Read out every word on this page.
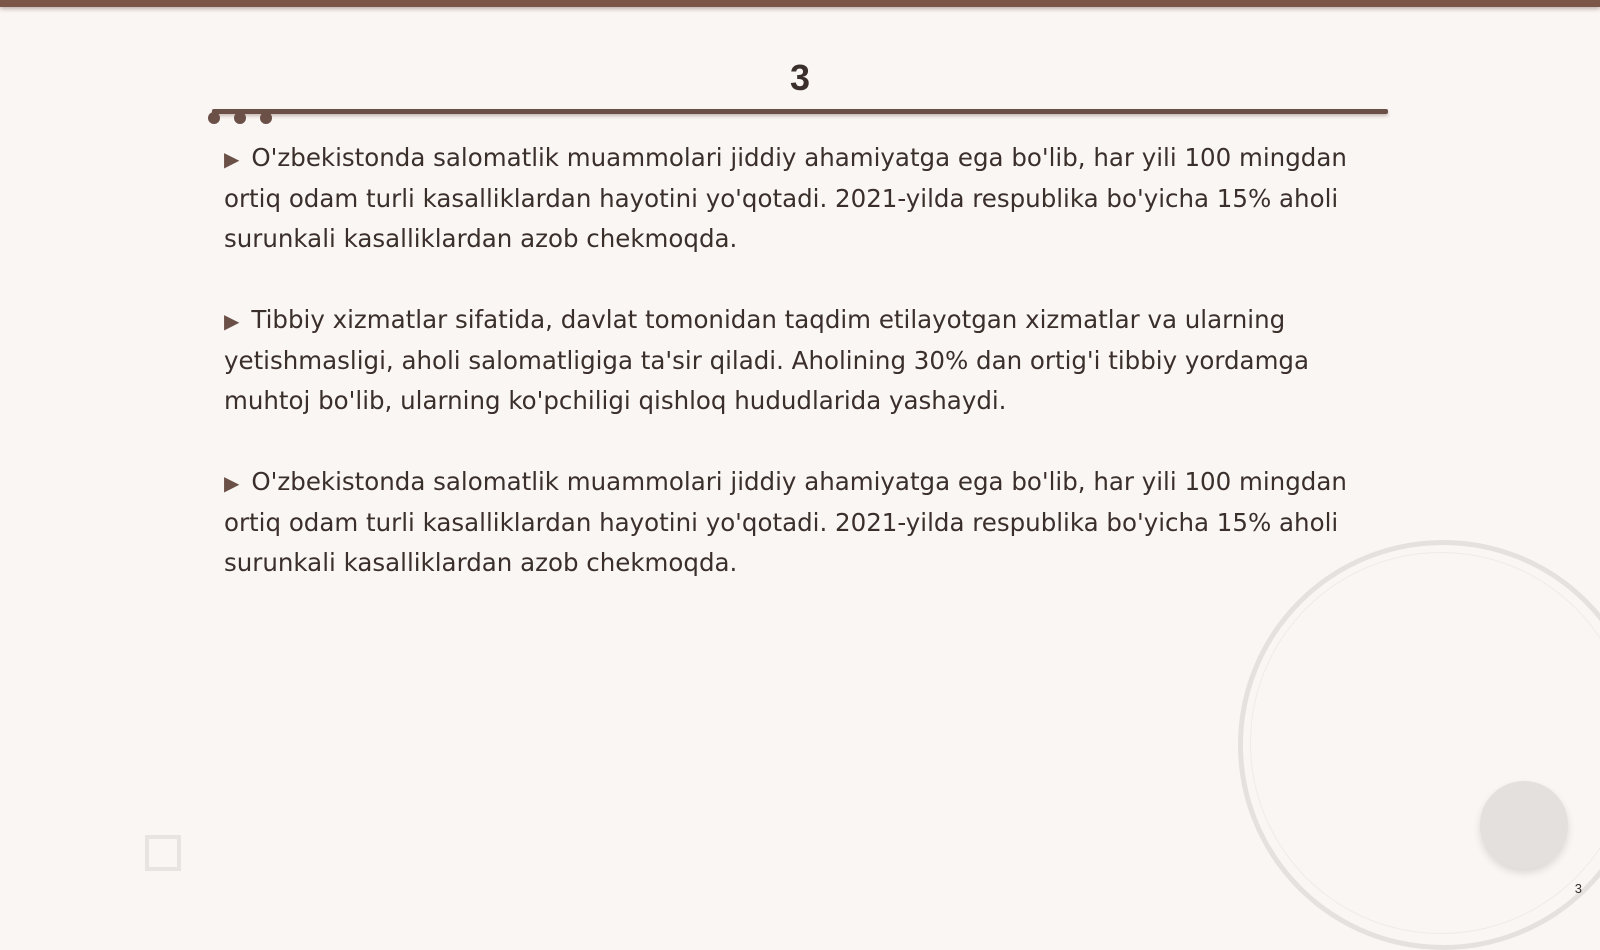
3

▶ O'zbekistonda salomatlik muammolari jiddiy ahamiyatga ega bo'lib, har yili 100 mingdan ortiq odam turli kasalliklardan hayotini yo'qotadi. 2021-yilda respublika bo'yicha 15% aholi surunkali kasalliklardan azob chekmoqda.

▶ Tibbiy xizmatlar sifatida, davlat tomonidan taqdim etilayotgan xizmatlar va ularning yetishmasligi, aholi salomatligiga ta'sir qiladi. Aholining 30% dan ortig'i tibbiy yordamga muhtoj bo'lib, ularning ko'pchiligi qishloq hududlarida yashaydi.

▶ O'zbekistonda salomatlik muammolari jiddiy ahamiyatga ega bo'lib, har yili 100 mingdan ortiq odam turli kasalliklardan hayotini yo'qotadi. 2021-yilda respublika bo'yicha 15% aholi surunkali kasalliklardan azob chekmoqda.

3
